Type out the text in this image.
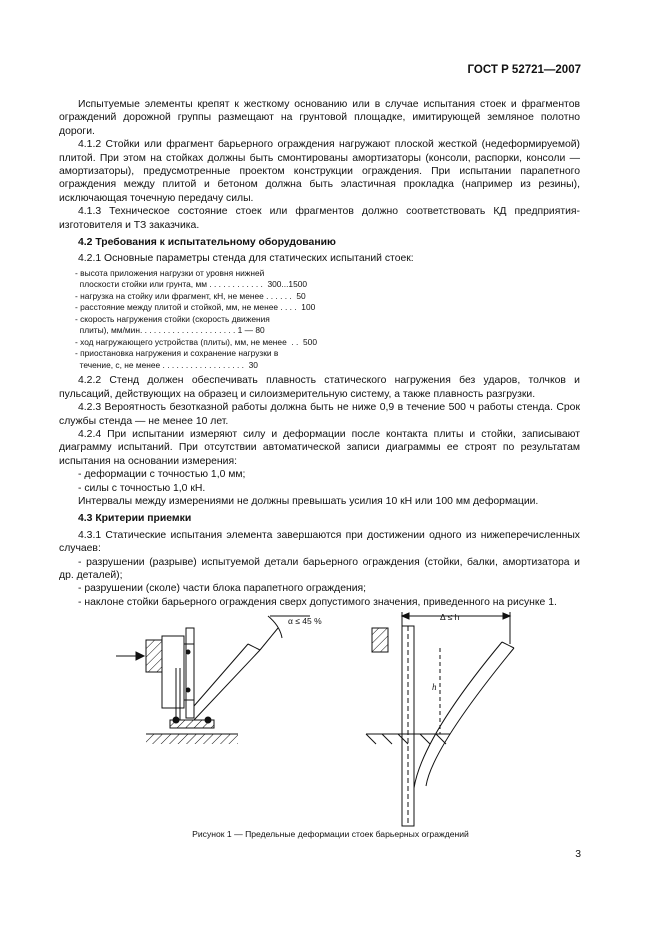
ГОСТ Р 52721—2007

Испытуемые элементы крепят к жесткому основанию или в случае испытания стоек и фрагментов ограждений дорожной группы размещают на грунтовой площадке, имитирующей земляное полотно дороги.

4.1.2 Стойки или фрагмент барьерного ограждения нагружают плоской жесткой (недеформируемой) плитой. При этом на стойках должны быть смонтированы амортизаторы (консоли, распорки, консоли — амортизаторы), предусмотренные проектом конструкции ограждения. При испытании парапетного ограждения между плитой и бетоном должна быть эластичная прокладка (например из резины), исключающая точечную передачу силы.

4.1.3 Техническое состояние стоек или фрагментов должно соответствовать КД предприятия-изготовителя и ТЗ заказчика.

4.2 Требования к испытательному оборудованию

4.2.1 Основные параметры стенда для статических испытаний стоек:

- высота приложения нагрузки от уровня нижней
плоскости стойки или грунта, мм . . . . . . . . . . . .  300...1500
- нагрузка на стойку или фрагмент, кН, не менее . . . . . .  50
- расстояние между плитой и стойкой, мм, не менее . . . .  100
- скорость нагружения стойки (скорость движения
плиты), мм/мин. . . . . . . . . . . . . . . . . . . . . 1 — 80
- ход нагружающего устройства (плиты), мм, не менее  . .  500
- приостановка нагружения и сохранение нагрузки в
течение, с, не менее . . . . . . . . . . . . . . . . . .  30

4.2.2 Стенд должен обеспечивать плавность статического нагружения без ударов, толчков и пульсаций, действующих на образец и силоизмерительную систему, а также плавность разгрузки.

4.2.3 Вероятность безотказной работы должна быть не ниже 0,9 в течение 500 ч работы стенда. Срок службы стенда — не менее 10 лет.

4.2.4 При испытании измеряют силу и деформации после контакта плиты и стойки, записывают диаграмму испытаний. При отсутствии автоматической записи диаграммы ее строят по результатам испытания на основании измерения:

- деформации с точностью 1,0 мм;

- силы с точностью 1,0 кН.

Интервалы между измерениями не должны превышать усилия 10 кН или 100 мм деформации.

4.3 Критерии приемки

4.3.1 Статические испытания элемента завершаются при достижении одного из нижеперечисленных случаев:

- разрушении (разрыве) испытуемой детали барьерного ограждения (стойки, балки, амортизатора и др. деталей);

- разрушении (сколе) части блока парапетного ограждения;

- наклоне стойки барьерного ограждения сверх допустимого значения, приведенного на рисунке 1.

α ≤ 45 %	Δ ≤ h
h
Рисунок 1 — Предельные деформации стоек барьерных ограждений
3
